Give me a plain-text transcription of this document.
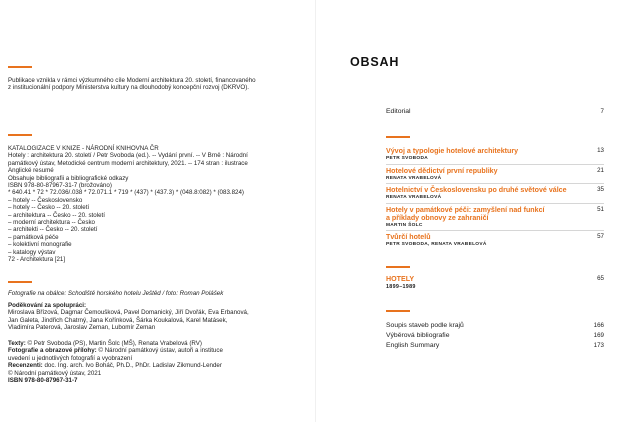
Publikace vznikla v rámci výzkumného cíle Moderní architektura 20. století, financovaného
z institucionální podpory Ministerstva kultury na dlouhodobý koncepční rozvoj (DKRVO).
KATALOGIZACE V KNIZE - NÁRODNÍ KNIHOVNA ČR
Hotely : architektura 20. století / Petr Svoboda (ed.). -- Vydání první. -- V Brně : Národní
památkový ústav, Metodické centrum moderní architektury, 2021. -- 174 stran : ilustrace
Anglické resumé
Obsahuje bibliografii a bibliografické odkazy
ISBN 978-80-87967-31-7 (brožováno)
* 640.41 * 72 * 72.036/.038 * 72.071.1 * 719 * (437) * (437.3) * (048.8:082) * (083.824)
– hotely -- Československo
– hotely -- Česko -- 20. století
– architektura -- Česko -- 20. století
– moderní architektura -- Česko
– architekti -- Česko -- 20. století
– památková péče
– kolektivní monografie
– katalogy výstav
72 - Architektura [21]
Fotografie na obálce: Schodiště horského hotelu Ještěd / foto: Roman Polášek
Poděkování za spolupráci:
Miroslava Břízová, Dagmar Čemoušková, Pavel Domanický, Jiří Dvořák, Eva Erbanová,
Jan Galeta, Jindřich Chatrný, Jana Kořínková, Šárka Koukalová, Karel Matásek,
Vladimíra Paterová, Jaroslav Zeman, Lubomír Zeman
Texty: © Petr Svoboda (PS), Martin Šolc (MŠ), Renata Vrabelová (RV)
Fotografie a obrazové přílohy: © Národní památkový ústav, autoři a instituce
uvedení u jednotlivých fotografií a vyobrazení
Recenzenti: doc. Ing. arch. Ivo Boháč, Ph.D., PhDr. Ladislav Zikmund-Lender
© Národní památkový ústav, 2021
ISBN 978-80-87967-31-7
OBSAH
Editorial	7
Vývoj a typologie hotelové architektury	13
PETR SVOBODA
Hotelové dědictví první republiky	21
RENATA VRABELOVÁ
Hotelnictví v Československu po druhé světové válce	35
RENATA VRABELOVÁ
Hotely v památkové péči: zamyšlení nad funkcí
a příklady obnovy ze zahraničí
51
MARTIN ŠOLC
Tvůrčí hotelů	57
PETR SVOBODA, RENATA VRABELOVÁ
HOTELY	65
1899–1989
Soupis staveb podle krajů	166
Výběrová bibliografie	169
English Summary	173
